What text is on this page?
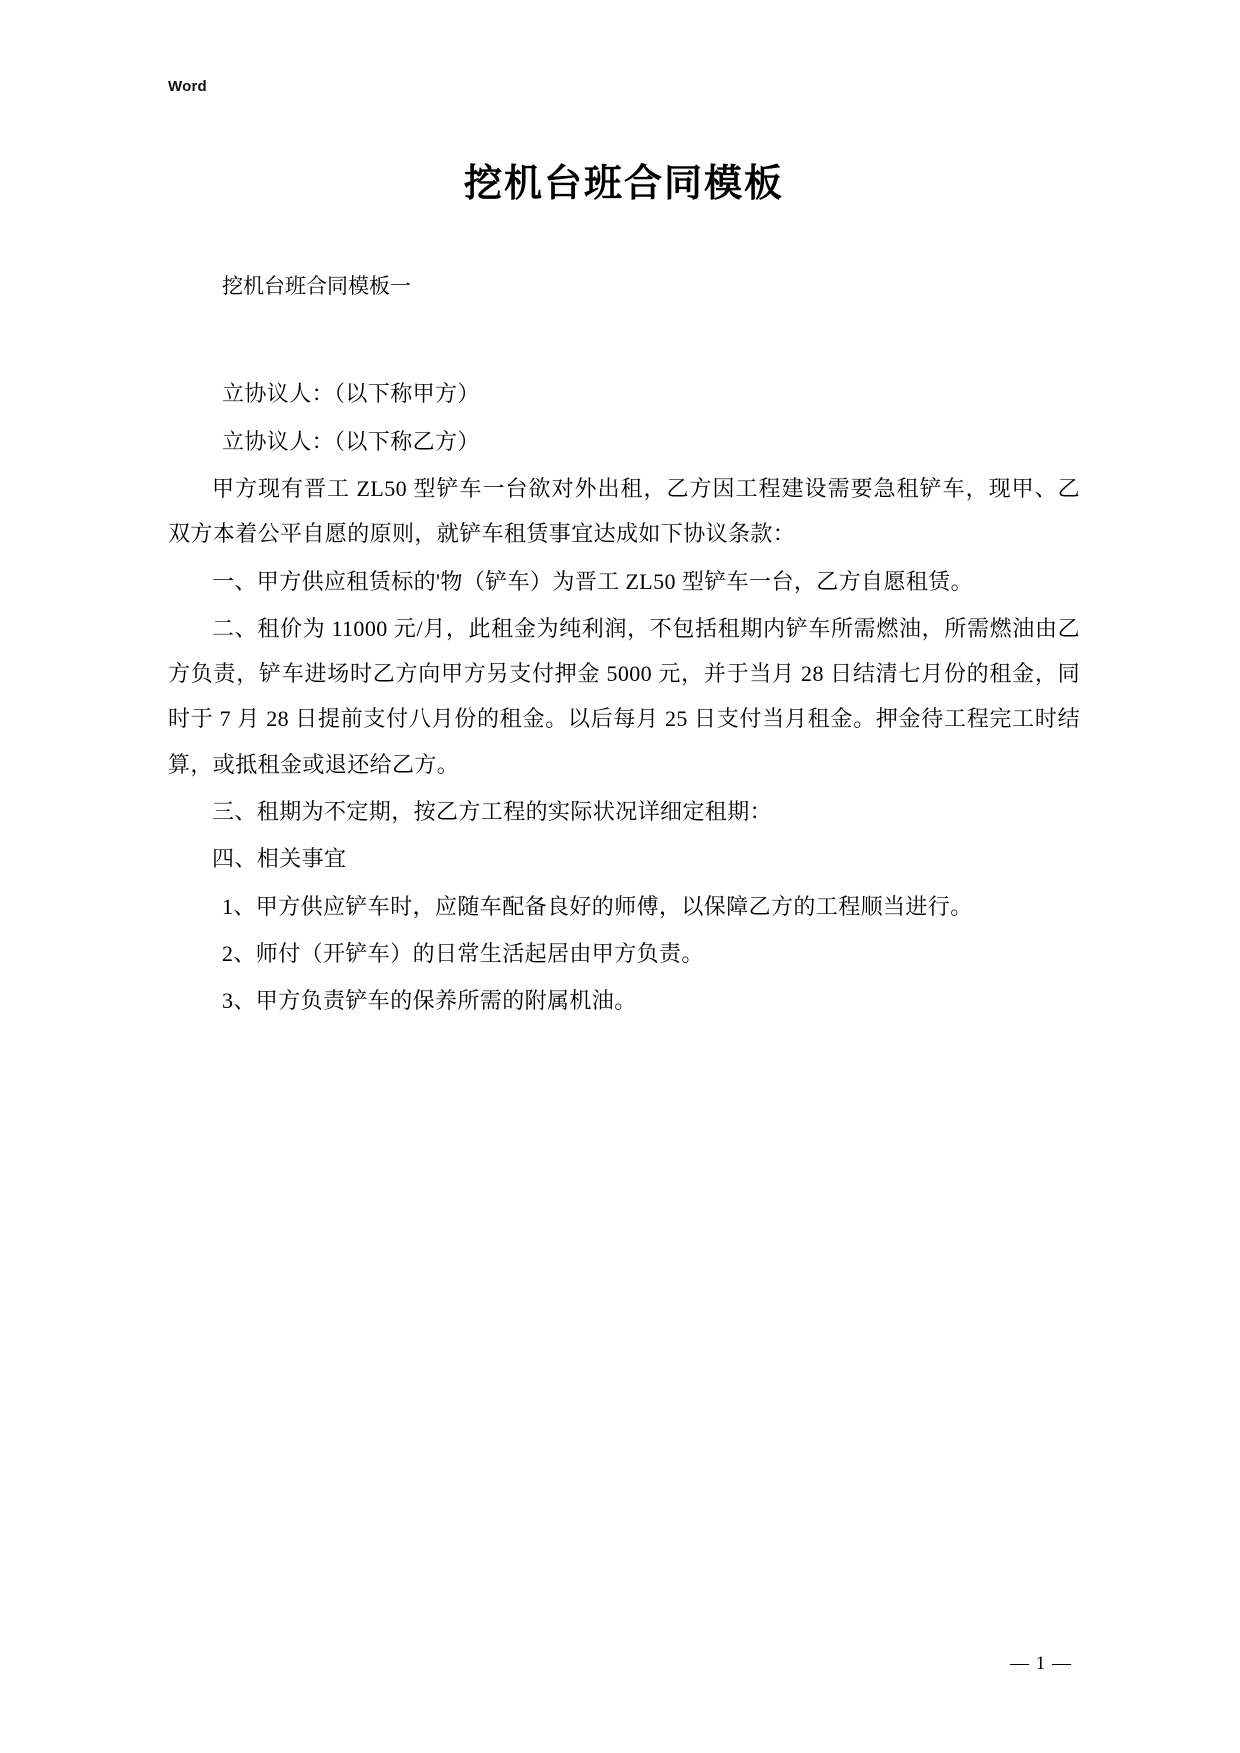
Word
挖机台班合同模板

挖机台班合同模板一

立协议人：（以下称甲方）

立协议人：（以下称乙方）

甲方现有晋工 ZL50 型铲车一台欲对外出租，乙方因工程建设需要急租铲车，现甲、乙双方本着公平自愿的原则，就铲车租赁事宜达成如下协议条款：

一、甲方供应租赁标的'物（铲车）为晋工 ZL50 型铲车一台，乙方自愿租赁。

二、租价为 11000 元/月，此租金为纯利润，不包括租期内铲车所需燃油，所需燃油由乙方负责，铲车进场时乙方向甲方另支付押金 5000 元，并于当月 28 日结清七月份的租金，同时于 7 月 28 日提前支付八月份的租金。以后每月 25 日支付当月租金。押金待工程完工时结算，或抵租金或退还给乙方。

三、租期为不定期，按乙方工程的实际状况详细定租期：

四、相关事宜

1、甲方供应铲车时，应随车配备良好的师傅，以保障乙方的工程顺当进行。

2、师付（开铲车）的日常生活起居由甲方负责。

3、甲方负责铲车的保养所需的附属机油。

— 1 —
